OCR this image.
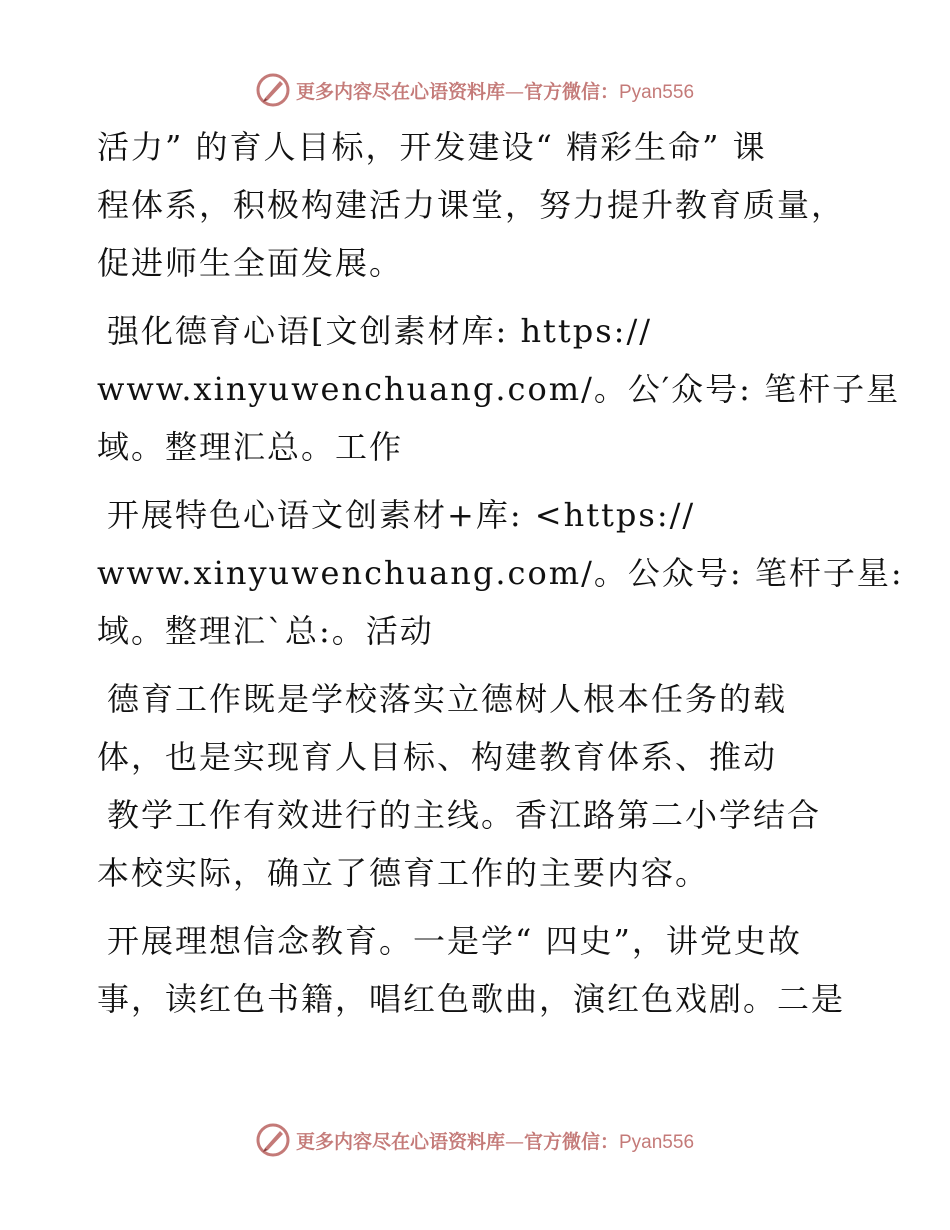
更多内容尽在心语资料库—官方微信：Pyan556
活力” 的育人目标，开发建设“ 精彩生命” 课
程体系，积极构建活力课堂，努力提升教育质量，
促进师生全面发展。
强化德育心语[文创素材库: https://
www.xinyuwenchuang.com/。公′众号: 笔杆子星
域。整理汇总。工作
开展特色心语文创素材+库: <https://
www.xinyuwenchuang.com/。公众号: 笔杆子星:
域。整理汇`总:。活动
德育工作既是学校落实立德树人根本任务的载
体，也是实现育人目标、构建教育体系、推动
教学工作有效进行的主线。香江路第二小学结合
本校实际，确立了德育工作的主要内容。
开展理想信念教育。一是学“ 四史”，讲党史故
事，读红色书籍，唱红色歌曲，演红色戏剧。二是
更多内容尽在心语资料库—官方微信：Pyan556
